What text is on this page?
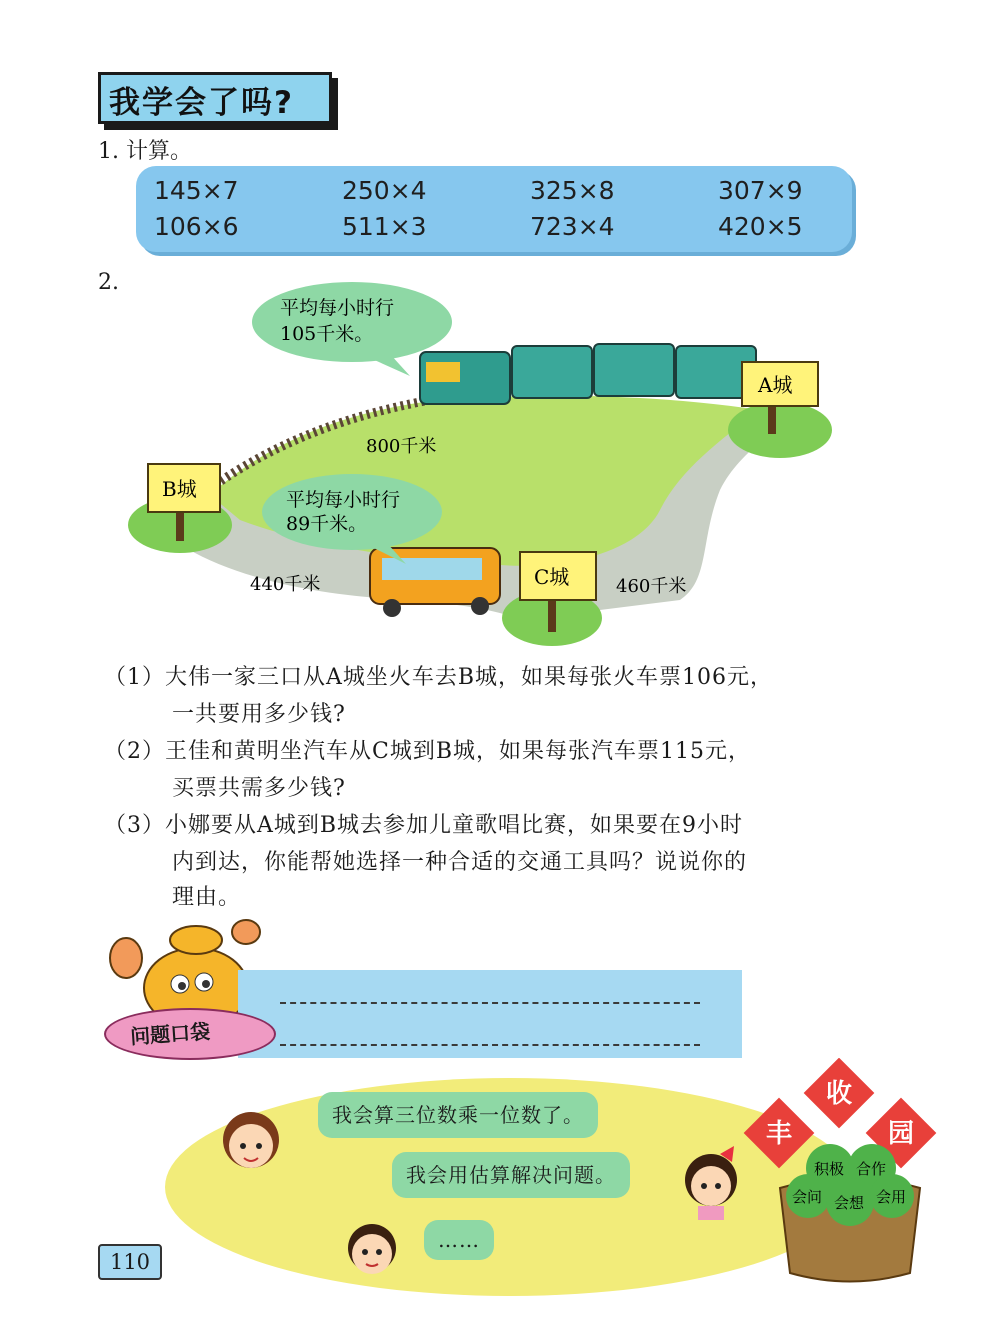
我学会了吗?
1. 计算。
145×7	250×4	325×8	307×9
106×6	511×3	723×4	420×5
2.
A城
B城
C城
800千米
440千米	460千米
平均每小时行
105千米。
平均每小时行
89千米。
（1）大伟一家三口从A城坐火车去B城，如果每张火车票106元，
一共要用多少钱?
（2）王佳和黄明坐汽车从C城到B城，如果每张汽车票115元，
买票共需多少钱?
（3）小娜要从A城到B城去参加儿童歌唱比赛，如果要在9小时
内到达，你能帮她选择一种合适的交通工具吗？说说你的
理由。
问题口袋
我会算三位数乘一位数了。
我会用估算解决问题。
……
丰
收
园
积极 合作
会问 会想 会用
110
